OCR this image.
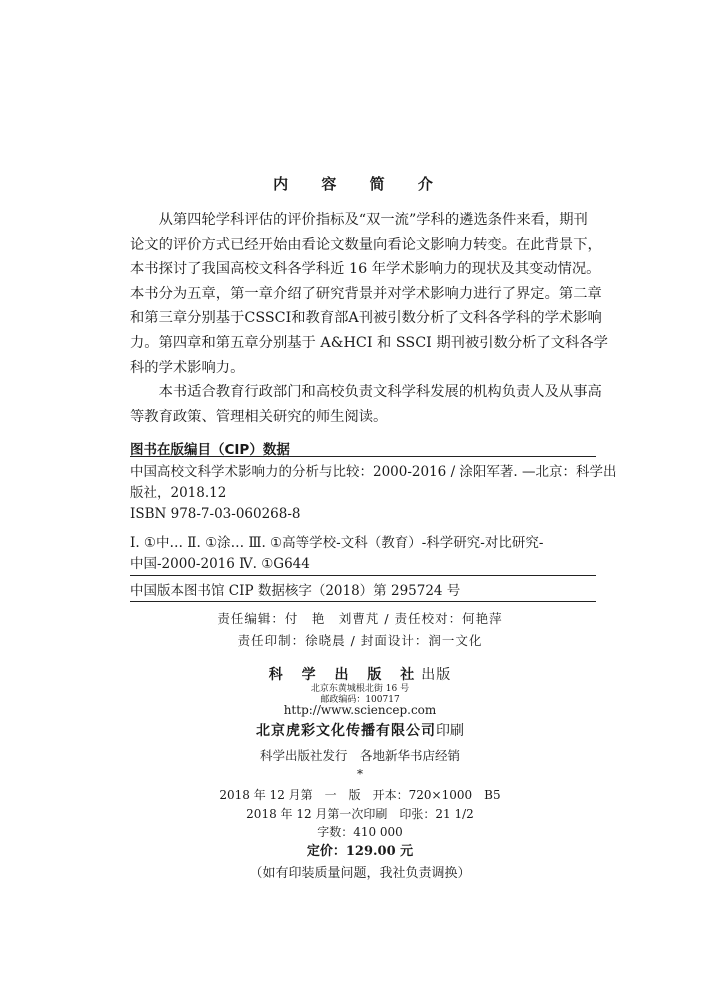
内 容 简 介

从第四轮学科评估的评价指标及“双一流”学科的遴选条件来看，期刊
论文的评价方式已经开始由看论文数量向看论文影响力转变。在此背景下，
本书探讨了我国高校文科各学科近 16 年学术影响力的现状及其变动情况。
本书分为五章，第一章介绍了研究背景并对学术影响力进行了界定。第二章
和第三章分别基于CSSCI和教育部A刊被引数分析了文科各学科的学术影响
力。第四章和第五章分别基于 A&HCI 和 SSCI 期刊被引数分析了文科各学
科的学术影响力。

本书适合教育行政部门和高校负责文科学科发展的机构负责人及从事高
等教育政策、管理相关研究的师生阅读。

图书在版编目（CIP）数据
中国高校文科学术影响力的分析与比较：2000-2016 / 涂阳军著. —北京：科学出
版社，2018.12
ISBN 978-7-03-060268-8
Ⅰ. ①中… Ⅱ. ①涂… Ⅲ. ①高等学校-文科（教育）-科学研究-对比研究-
中国-2000-2016 Ⅳ. ①G644
中国版本图书馆 CIP 数据核字（2018）第 295724 号
责任编辑：付　艳　刘曹芃 / 责任校对：何艳萍
责任印制：徐晓晨 / 封面设计：润一文化
科 学 出 版 社出版
北京东黄城根北街 16 号
邮政编码：100717
http://www.sciencep.com
北京虎彩文化传播有限公司印刷
科学出版社发行　各地新华书店经销
*
2018 年 12 月第　一　版　开本：720×1000　B5
2018 年 12 月第一次印刷　印张：21 1/2
字数：410 000
定价：129.00 元
（如有印装质量问题，我社负责调换）
